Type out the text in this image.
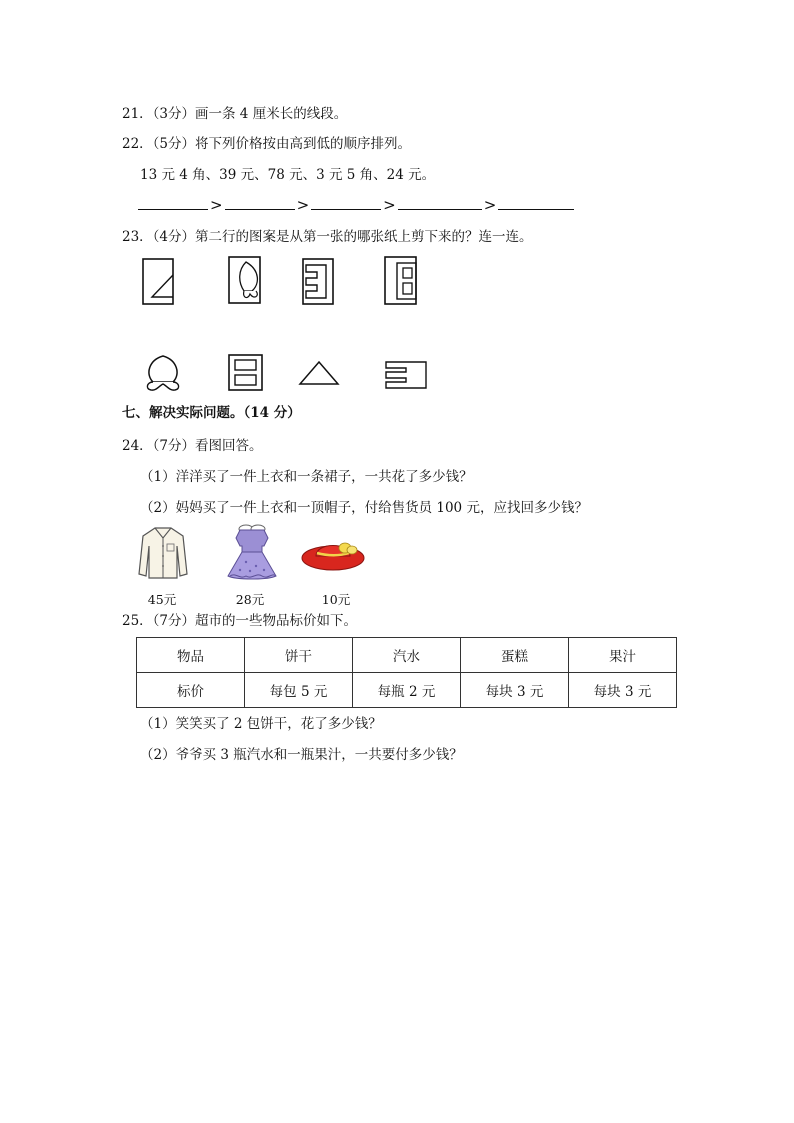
21．（3分）画一条 4 厘米长的线段。
22．（5分）将下列价格按由高到低的顺序排列。
13 元 4 角、39 元、78 元、3 元 5 角、24 元。
>	>	>	>
23．（4分）第二行的图案是从第一张的哪张纸上剪下来的？连一连。
七、解决实际问题。（14 分）
24．（7分）看图回答。
（1）洋洋买了一件上衣和一条裙子，一共花了多少钱？
（2）妈妈买了一件上衣和一顶帽子，付给售货员 100 元，应找回多少钱？
45元	28元	10元
25．（7分）超市的一些物品标价如下。
物品	饼干	汽水	蛋糕	果汁
标价	每包 5 元	每瓶 2 元	每块 3 元	每块 3 元
（1）笑笑买了 2 包饼干，花了多少钱？
（2）爷爷买 3 瓶汽水和一瓶果汁，一共要付多少钱？
